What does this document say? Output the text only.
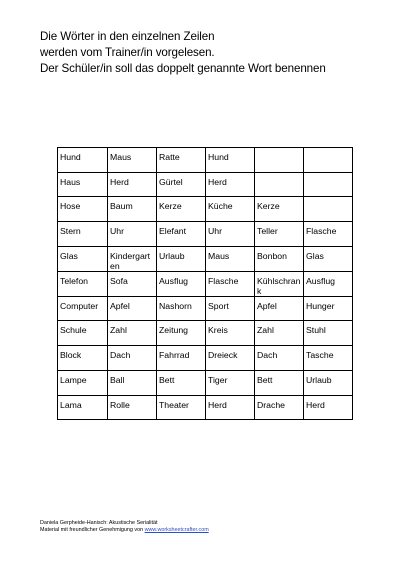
Die Wörter in den einzelnen Zeilen
werden vom Trainer/in vorgelesen.
Der Schüler/in soll das doppelt genannte Wort benennen
Hund	Maus	Ratte	Hund		
Haus	Herd	Gürtel	Herd		
Hose	Baum	Kerze	Küche	Kerze	
Stern	Uhr	Elefant	Uhr	Teller	Flasche
Glas	Kindergarten	Urlaub	Maus	Bonbon	Glas
Telefon	Sofa	Ausflug	Flasche	Kühlschrank	Ausflug
Computer	Apfel	Nashorn	Sport	Apfel	Hunger
Schule	Zahl	Zeitung	Kreis	Zahl	Stuhl
Block	Dach	Fahrrad	Dreieck	Dach	Tasche
Lampe	Ball	Bett	Tiger	Bett	Urlaub
Lama	Rolle	Theater	Herd	Drache	Herd
Daniela Gerpheide-Hanisch: Akustische Serialität
Material mit freundlicher Genehmigung von www.worksheetcrafter.com
